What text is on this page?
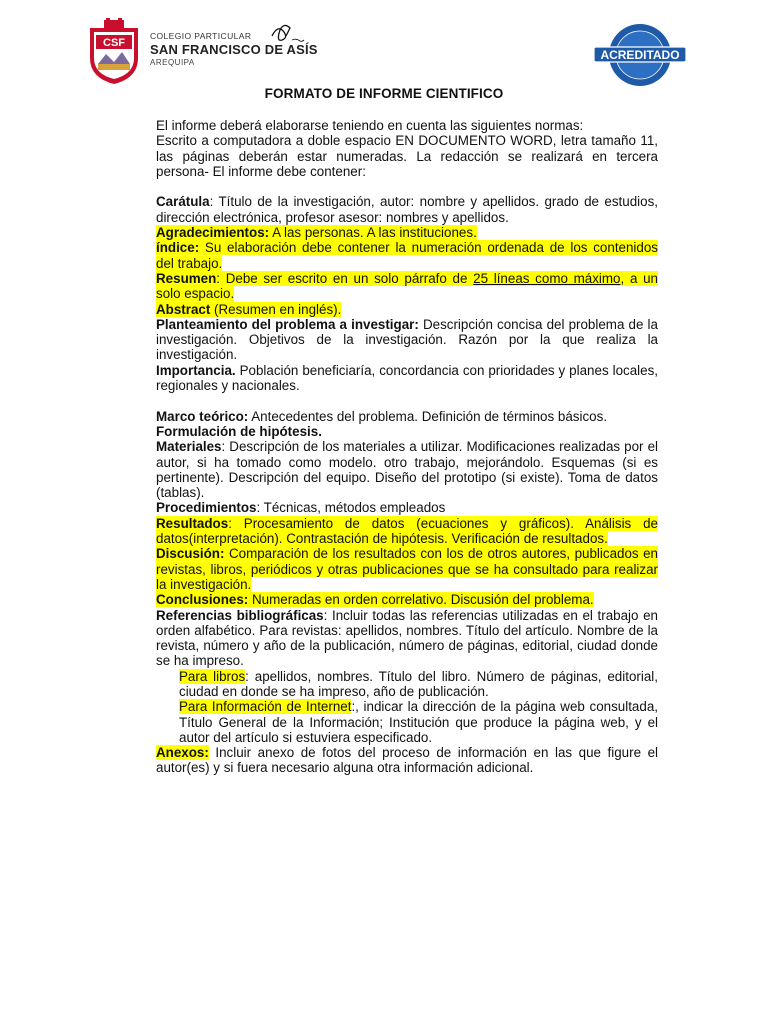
CSF
COLEGIO PARTICULAR
SAN FRANCISCO DE ASÍS
AREQUIPA
ACREDITADO
FORMATO DE INFORME CIENTIFICO

El informe deberá elaborarse teniendo en cuenta las siguientes normas:

Escrito a computadora a doble espacio EN DOCUMENTO WORD, letra tamaño 11, las páginas deberán estar numeradas. La redacción se realizará en tercera persona- El informe debe contener:

Carátula: Título de la investigación, autor: nombre y apellidos. grado de estudios, dirección electrónica, profesor asesor: nombres y apellidos.

Agradecimientos: A las personas. A las instituciones.

índice: Su elaboración debe contener la numeración ordenada de los contenidos del trabajo.

Resumen: Debe ser escrito en un solo párrafo de 25 líneas como máximo, a un solo espacio.

Abstract (Resumen en inglés).

Planteamiento del problema a investigar: Descripción concisa del problema de la investigación. Objetivos de la investigación. Razón por la que realiza la investigación.

Importancia. Población beneficiaría, concordancia con prioridades y planes locales, regionales y nacionales.

Marco teórico: Antecedentes del problema. Definición de términos básicos.

Formulación de hipótesis.

Materiales: Descripción de los materiales a utilizar. Modificaciones realizadas por el autor, si ha tomado como modelo. otro trabajo, mejorándolo. Esquemas (si es pertinente). Descripción del equipo. Diseño del prototipo (si existe). Toma de datos (tablas).

Procedimientos: Técnicas, métodos empleados

Resultados: Procesamiento de datos (ecuaciones y gráficos). Análisis de datos(interpretación). Contrastación de hipótesis. Verificación de resultados.

Discusión: Comparación de los resultados con los de otros autores, publicados en revistas, libros, periódicos y otras publicaciones que se ha consultado para realizar la investigación.

Conclusiones: Numeradas en orden correlativo. Discusión del problema.

Referencias bibliográficas: Incluir todas las referencias utilizadas en el trabajo en orden alfabético. Para revistas: apellidos, nombres. Título del artículo. Nombre de la revista, número y año de la publicación, número de páginas, editorial, ciudad donde se ha impreso.

Para libros: apellidos, nombres. Título del libro. Número de páginas, editorial, ciudad en donde se ha impreso, año de publicación.

Para Información de Internet:, indicar la dirección de la página web consultada, Título General de la Información; Institución que produce la página web, y el autor del artículo si estuviera especificado.

Anexos: Incluir anexo de fotos del proceso de información en las que figure el autor(es) y si fuera necesario alguna otra información adicional.
